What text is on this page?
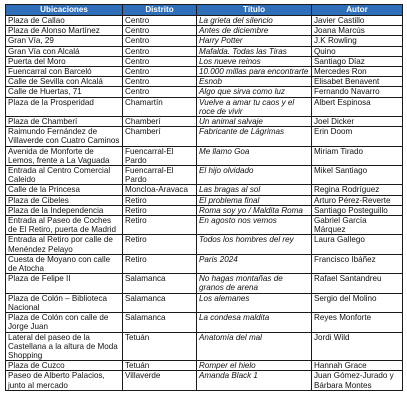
Ubicaciones	Distrito	Título	Autor
Plaza de Callao	Centro	La grieta del silencio	Javier Castillo
Plaza de Alonso Martínez	Centro	Antes de diciembre	Joana Marcús
Gran Vía, 29	Centro	Harry Potter	J.K Rowling
Gran Vía con Alcalá	Centro	Mafalda. Todas las Tiras	Quino
Puerta del Moro	Centro	Los nueve reinos	Santiago Díaz
Fuencarral con Barceló	Centro	10.000 millas para encontrarte	Mercedes Ron
Calle de Sevilla con Alcalá	Centro	Esnob	Elisabet Benavent
Calle de Huertas, 71	Centro	Algo que sirva como luz	Fernando Navarro
Plaza de la Prosperidad	Chamartín	Vuelve a amar tu caos y el roce de vivir	Albert Espinosa
Plaza de Chamberí	Chamberí	Un animal salvaje	Joel Dicker
Raimundo Fernández de Villaverde con Cuatro Caminos	Chamberí	Fabricante de Lágrimas	Erin Doom
Avenida de Monforte de Lemos, frente a La Vaguada	Fuencarral-El Pardo	Me llamo Goa	Miriam Tirado
Entrada al Centro Comercial Caleido	Fuencarral-El Pardo	El hijo olvidado	Mikel Santiago
Calle de la Princesa	Moncloa-Aravaca	Las bragas al sol	Regina Rodríguez
Plaza de Cibeles	Retiro	El problema final	Arturo Pérez-Reverte
Plaza de la Independencia	Retiro	Roma soy yo / Maldita Roma	Santiago Posteguillo
Entrada al Paseo de Coches de El Retiro, puerta de Madrid	Retiro	En agosto nos vemos	Gabriel García Márquez
Entrada al Retiro por calle de Menéndez Pelayo	Retiro	Todos los hombres del rey	Laura Gallego
Cuesta de Moyano con calle de Atocha	Retiro	Paris 2024	Francisco Ibáñez
Plaza de Felipe II	Salamanca	No hagas montañas de granos de arena	Rafael Santandreu
Plaza de Colón – Biblioteca Nacional	Salamanca	Los alemanes	Sergio del Molino
Plaza de Colón con calle de Jorge Juan	Salamanca	La condesa maldita	Reyes Monforte
Lateral del paseo de la Castellana a la altura de Moda Shopping	Tetuán	Anatomía del mal	Jordi Wild
Plaza de Cuzco	Tetuán	Romper el hielo	Hannah Grace
Paseo de Alberto Palacios, junto al mercado	Villaverde	Amanda Black 1	Juan Gómez-Jurado y Bárbara Montes
